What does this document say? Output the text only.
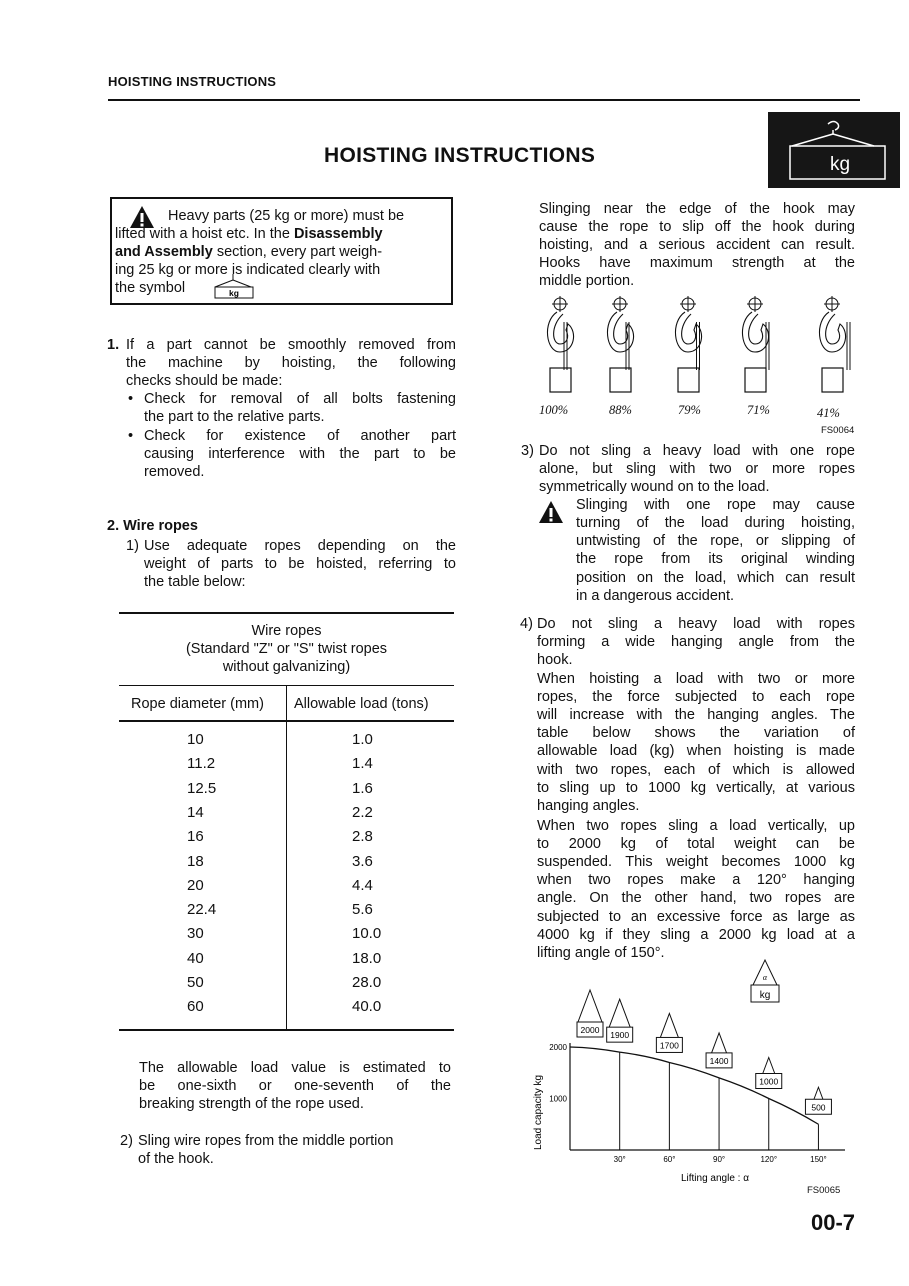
HOISTING INSTRUCTIONS
HOISTING INSTRUCTIONS	kg
Heavy parts (25 kg or more) must be
lifted with a hoist etc. In the Disassembly
and Assembly section, every part weigh-
ing 25 kg or more is indicated clearly with
the symbol	kg
1. If a part cannot be smoothly removed from
the machine by hoisting, the following
checks should be made:
• Check for removal of all bolts fastening
the part to the relative parts.
• Check for existence of another part
causing interference with the part to be
removed.
2. Wire ropes
1) Use adequate ropes depending on the
weight of parts to be hoisted, referring to
the table below:
Wire ropes
(Standard "Z" or "S" twist ropes
without galvanizing)
Rope diameter (mm) Allowable load (tons)
10	1.0
11.2	1.4
12.5	1.6
14	2.2
16	2.8
18	3.6
20	4.4
22.4	5.6
30	10.0
40	18.0
50	28.0
60	40.0
The allowable load value is estimated to
be one-sixth or one-seventh of the
breaking strength of the rope used.
2) Sling wire ropes from the middle portion
of the hook.
Slinging near the edge of the hook may
cause the rope to slip off the hook during
hoisting, and a serious accident can result.
Hooks have maximum strength at the
middle portion.
100%	88%	79%	71%	41%
FS0064
3) Do not sling a heavy load with one rope
alone, but sling with two or more ropes
symmetrically wound on to the load.
Slinging with one rope may cause
turning of the load during hoisting,
untwisting of the rope, or slipping of
the rope from its original winding
position on the load, which can result
in a dangerous accident.
4) Do not sling a heavy load with ropes
forming a wide hanging angle from the
hook.
When hoisting a load with two or more
ropes, the force subjected to each rope
will increase with the hanging angles. The
table below shows the variation of
allowable load (kg) when hoisting is made
with two ropes, each of which is allowed
to sling up to 1000 kg vertically, at various
hanging angles.
When two ropes sling a load vertically, up
to 2000 kg of total weight can be
suspended. This weight becomes 1000 kg
when two ropes make a 120° hanging
angle. On the other hand, two ropes are
subjected to an excessive force as large as
4000 kg if they sling a 2000 kg load at a
lifting angle of 150°.
2000
1000
Load capacity kg
30°	60°	90°	120°	150°
2000
1900
1700
1400
1000
500
α
kg
Lifting angle : α
FS0065
00-7
